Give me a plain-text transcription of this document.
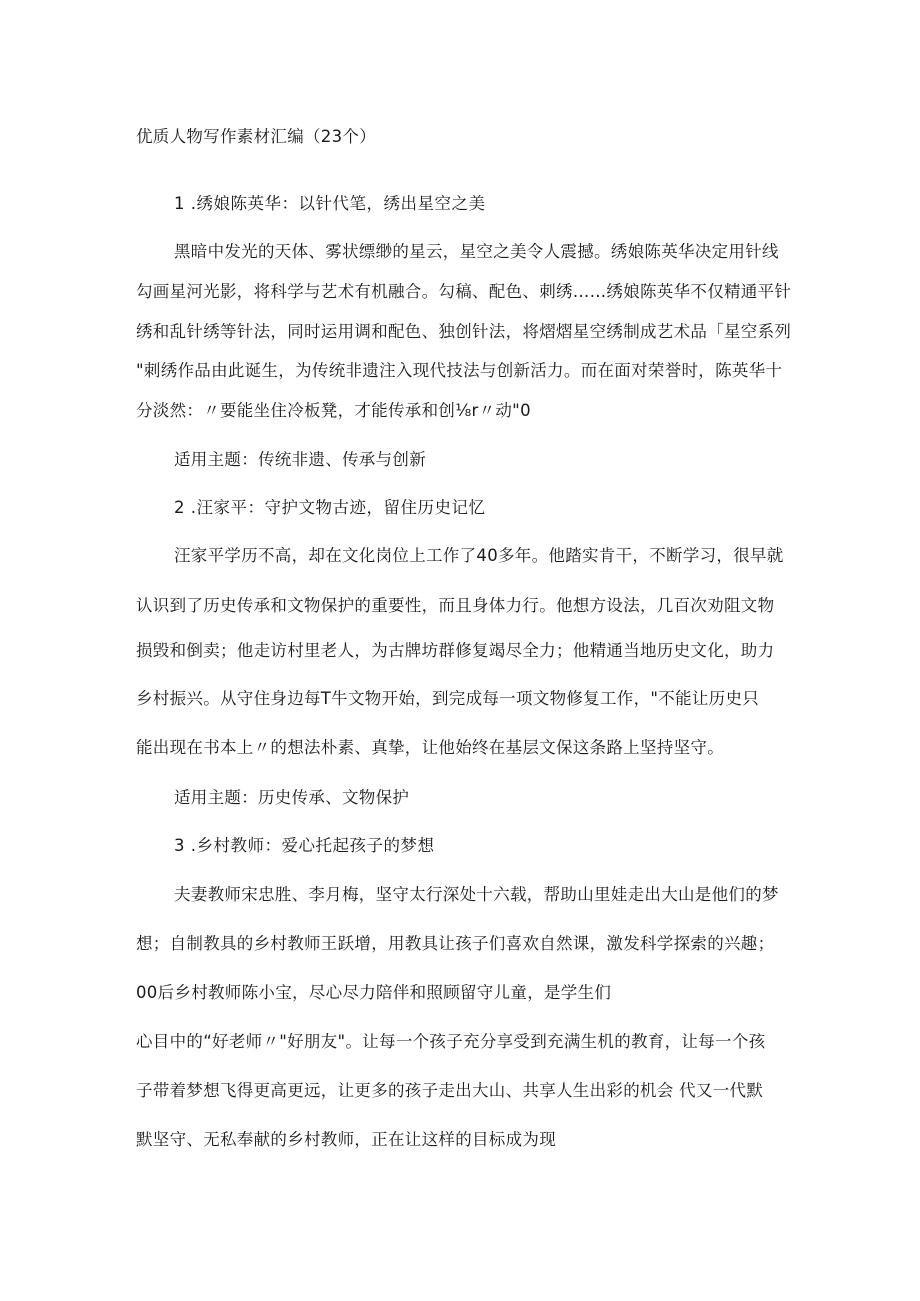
优质人物写作素材汇编（23个）
1 .绣娘陈英华：以针代笔，绣出星空之美
黑暗中发光的天体、雾状缥缈的星云，星空之美令人震撼。绣娘陈英华决定用针线
勾画星河光影，将科学与艺术有机融合。勾稿、配色、刺绣……绣娘陈英华不仅精通平针
绣和乱针绣等针法，同时运用调和配色、独创针法，将熠熠星空绣制成艺术品「星空系列
"刺绣作品由此诞生，为传统非遗注入现代技法与创新活力。而在面对荣誉时，陈英华十
分淡然：〃要能坐住冷板凳，才能传承和创⅛r〃动"0
适用主题：传统非遗、传承与创新
2 .汪家平：守护文物古迹，留住历史记忆
汪家平学历不高，却在文化岗位上工作了40多年。他踏实肯干，不断学习，很早就
认识到了历史传承和文物保护的重要性，而且身体力行。他想方设法，几百次劝阻文物
损毁和倒卖；他走访村里老人，为古牌坊群修复竭尽全力；他精通当地历史文化，助力
乡村振兴。从守住身边每T牛文物开始，到完成每一项文物修复工作，"不能让历史只
能出现在书本上〃的想法朴素、真挚，让他始终在基层文保这条路上坚持坚守。
适用主题：历史传承、文物保护
3 .乡村教师：爱心托起孩子的梦想
夫妻教师宋忠胜、李月梅，坚守太行深处十六载，帮助山里娃走出大山是他们的梦
想；自制教具的乡村教师王跃增，用教具让孩子们喜欢自然课，激发科学探索的兴趣；
00后乡村教师陈小宝，尽心尽力陪伴和照顾留守儿童，是学生们
心目中的“好老师〃"好朋友"。让每一个孩子充分享受到充满生机的教育，让每一个孩
子带着梦想飞得更高更远，让更多的孩子走出大山、共享人生出彩的机会 代又一代默
默坚守、无私奉献的乡村教师，正在让这样的目标成为现
